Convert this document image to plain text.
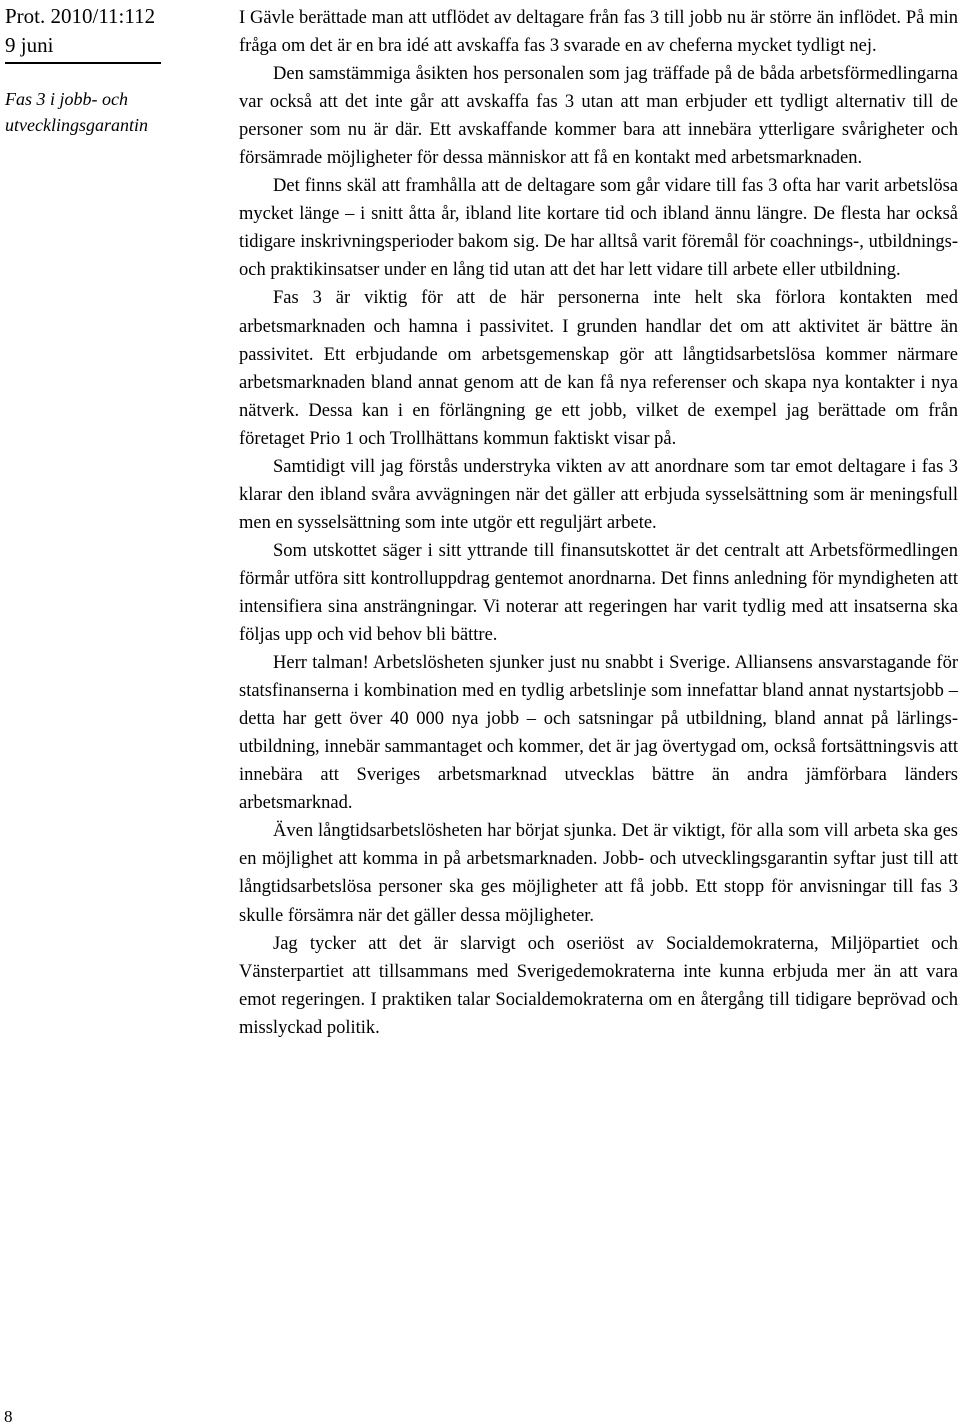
Prot. 2010/11:112
9 juni
Fas 3 i jobb- och utvecklingsgarantin

I Gävle berättade man att utflödet av deltagare från fas 3 till jobb nu är större än inflödet. På min fråga om det är en bra idé att avskaffa fas 3 svarade en av cheferna mycket tydligt nej.

Den samstämmiga åsikten hos personalen som jag träffade på de båda arbetsförmedlingarna var också att det inte går att avskaffa fas 3 utan att man erbjuder ett tydligt alternativ till de personer som nu är där. Ett avskaffande kommer bara att innebära ytterligare svårigheter och försämrade möjligheter för dessa människor att få en kontakt med arbetsmarknaden.

Det finns skäl att framhålla att de deltagare som går vidare till fas 3 ofta har varit arbetslösa mycket länge – i snitt åtta år, ibland lite kortare tid och ibland ännu längre. De flesta har också tidigare inskrivningsperioder bakom sig. De har alltså varit föremål för coachnings-, utbildnings- och praktikinsatser under en lång tid utan att det har lett vidare till arbete eller utbildning.

Fas 3 är viktig för att de här personerna inte helt ska förlora kontakten med arbetsmarknaden och hamna i passivitet. I grunden handlar det om att aktivitet är bättre än passivitet. Ett erbjudande om arbetsgemenskap gör att långtidsarbetslösa kommer närmare arbetsmarknaden bland annat genom att de kan få nya referenser och skapa nya kontakter i nya nätverk. Dessa kan i en förlängning ge ett jobb, vilket de exempel jag berättade om från företaget Prio 1 och Trollhättans kommun faktiskt visar på.

Samtidigt vill jag förstås understryka vikten av att anordnare som tar emot deltagare i fas 3 klarar den ibland svåra avvägningen när det gäller att erbjuda sysselsättning som är meningsfull men en sysselsättning som inte utgör ett reguljärt arbete.

Som utskottet säger i sitt yttrande till finansutskottet är det centralt att Arbetsförmedlingen förmår utföra sitt kontrolluppdrag gentemot anordnarna. Det finns anledning för myndigheten att intensifiera sina ansträngningar. Vi noterar att regeringen har varit tydlig med att insatserna ska följas upp och vid behov bli bättre.

Herr talman! Arbetslösheten sjunker just nu snabbt i Sverige. Alliansens ansvarstagande för statsfinanserna i kombination med en tydlig arbetslinje som innefattar bland annat nystartsjobb – detta har gett över 40 000 nya jobb – och satsningar på utbildning, bland annat på lärlingsutbildning, innebär sammantaget och kommer, det är jag övertygad om, också fortsättningsvis att innebära att Sveriges arbetsmarknad utvecklas bättre än andra jämförbara länders arbetsmarknad.

Även långtidsarbetslösheten har börjat sjunka. Det är viktigt, för alla som vill arbeta ska ges en möjlighet att komma in på arbetsmarknaden. Jobb- och utvecklingsgarantin syftar just till att långtidsarbetslösa personer ska ges möjligheter att få jobb. Ett stopp för anvisningar till fas 3 skulle försämra när det gäller dessa möjligheter.

Jag tycker att det är slarvigt och oseriöst av Socialdemokraterna, Miljöpartiet och Vänsterpartiet att tillsammans med Sverigedemokraterna inte kunna erbjuda mer än att vara emot regeringen. I praktiken talar Socialdemokraterna om en återgång till tidigare beprövad och misslyckad politik.

8
